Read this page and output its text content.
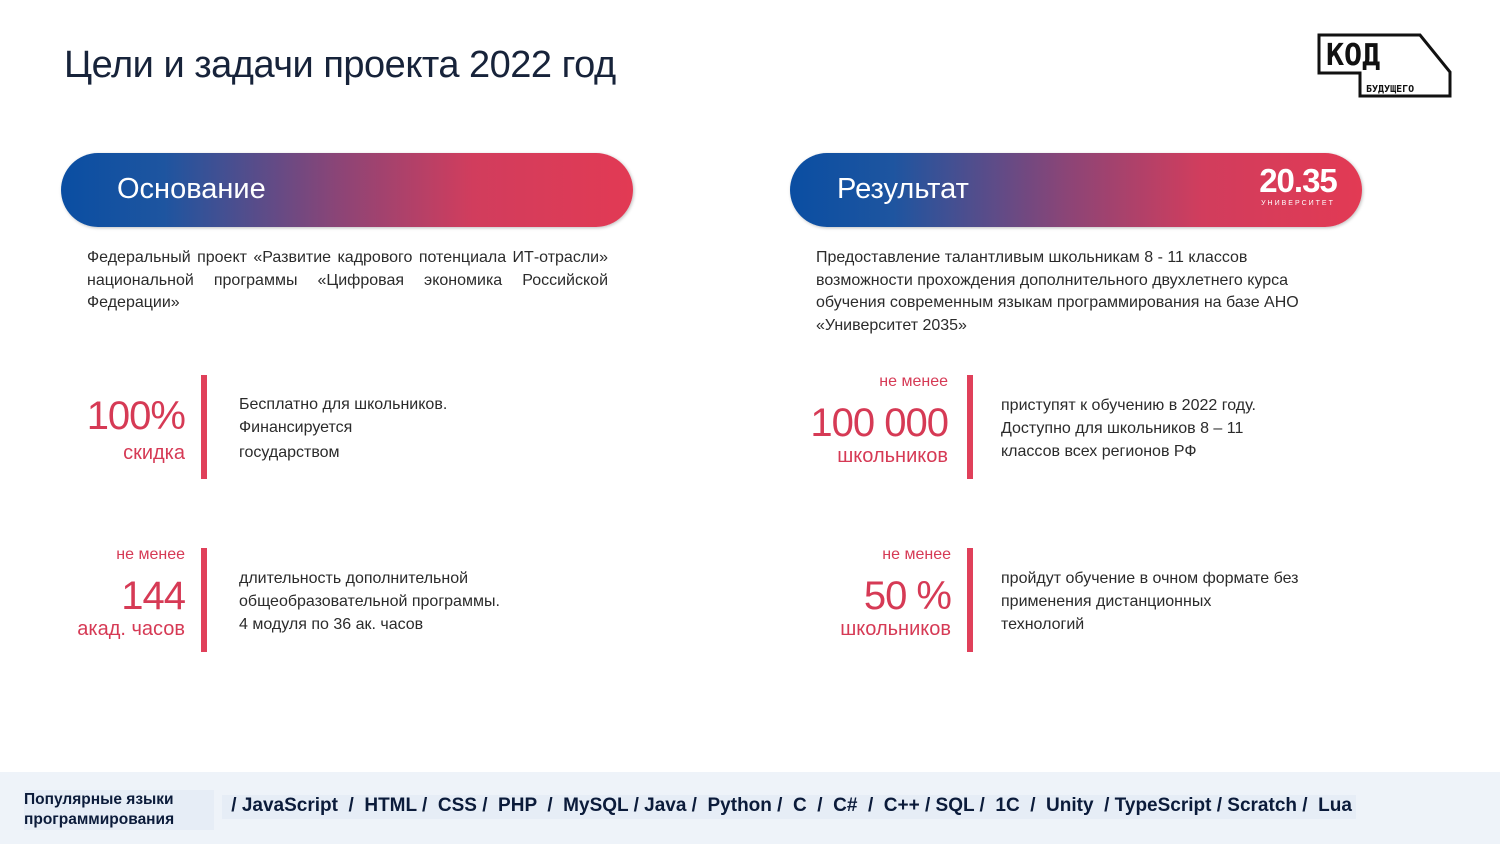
Цели и задачи проекта 2022 год	КОД
БУДУЩЕГО
Основание	Результат	20.35
УНИВЕРСИТЕТ
Федеральный проект «Развитие кадрового потенциала ИТ-отрасли» национальной программы «Цифровая экономика Российской Федерации»
Предоставление талантливым школьникам 8 - 11 классов возможности прохождения дополнительного двухлетнего курса обучения современным языкам программирования на базе АНО «Университет 2035»
100%
скидка
Бесплатно для школьников.
Финансируется
государством
не менее
144
акад. часов
длительность дополнительной
общеобразовательной программы.
4 модуля по 36 ак. часов
не менее
100 000
школьников
приступят к обучению в 2022 году.
Доступно для школьников 8 – 11
классов всех регионов РФ
не менее
50 %
школьников
пройдут обучение в очном формате без
применения дистанционных
технологий
Популярные языки
программирования
/ JavaScript  /  HTML /  CSS /  PHP  /  MySQL / Java /  Python /  C  /  C#  /  C++ / SQL /  1C  /  Unity  / TypeScript / Scratch /  Lua
